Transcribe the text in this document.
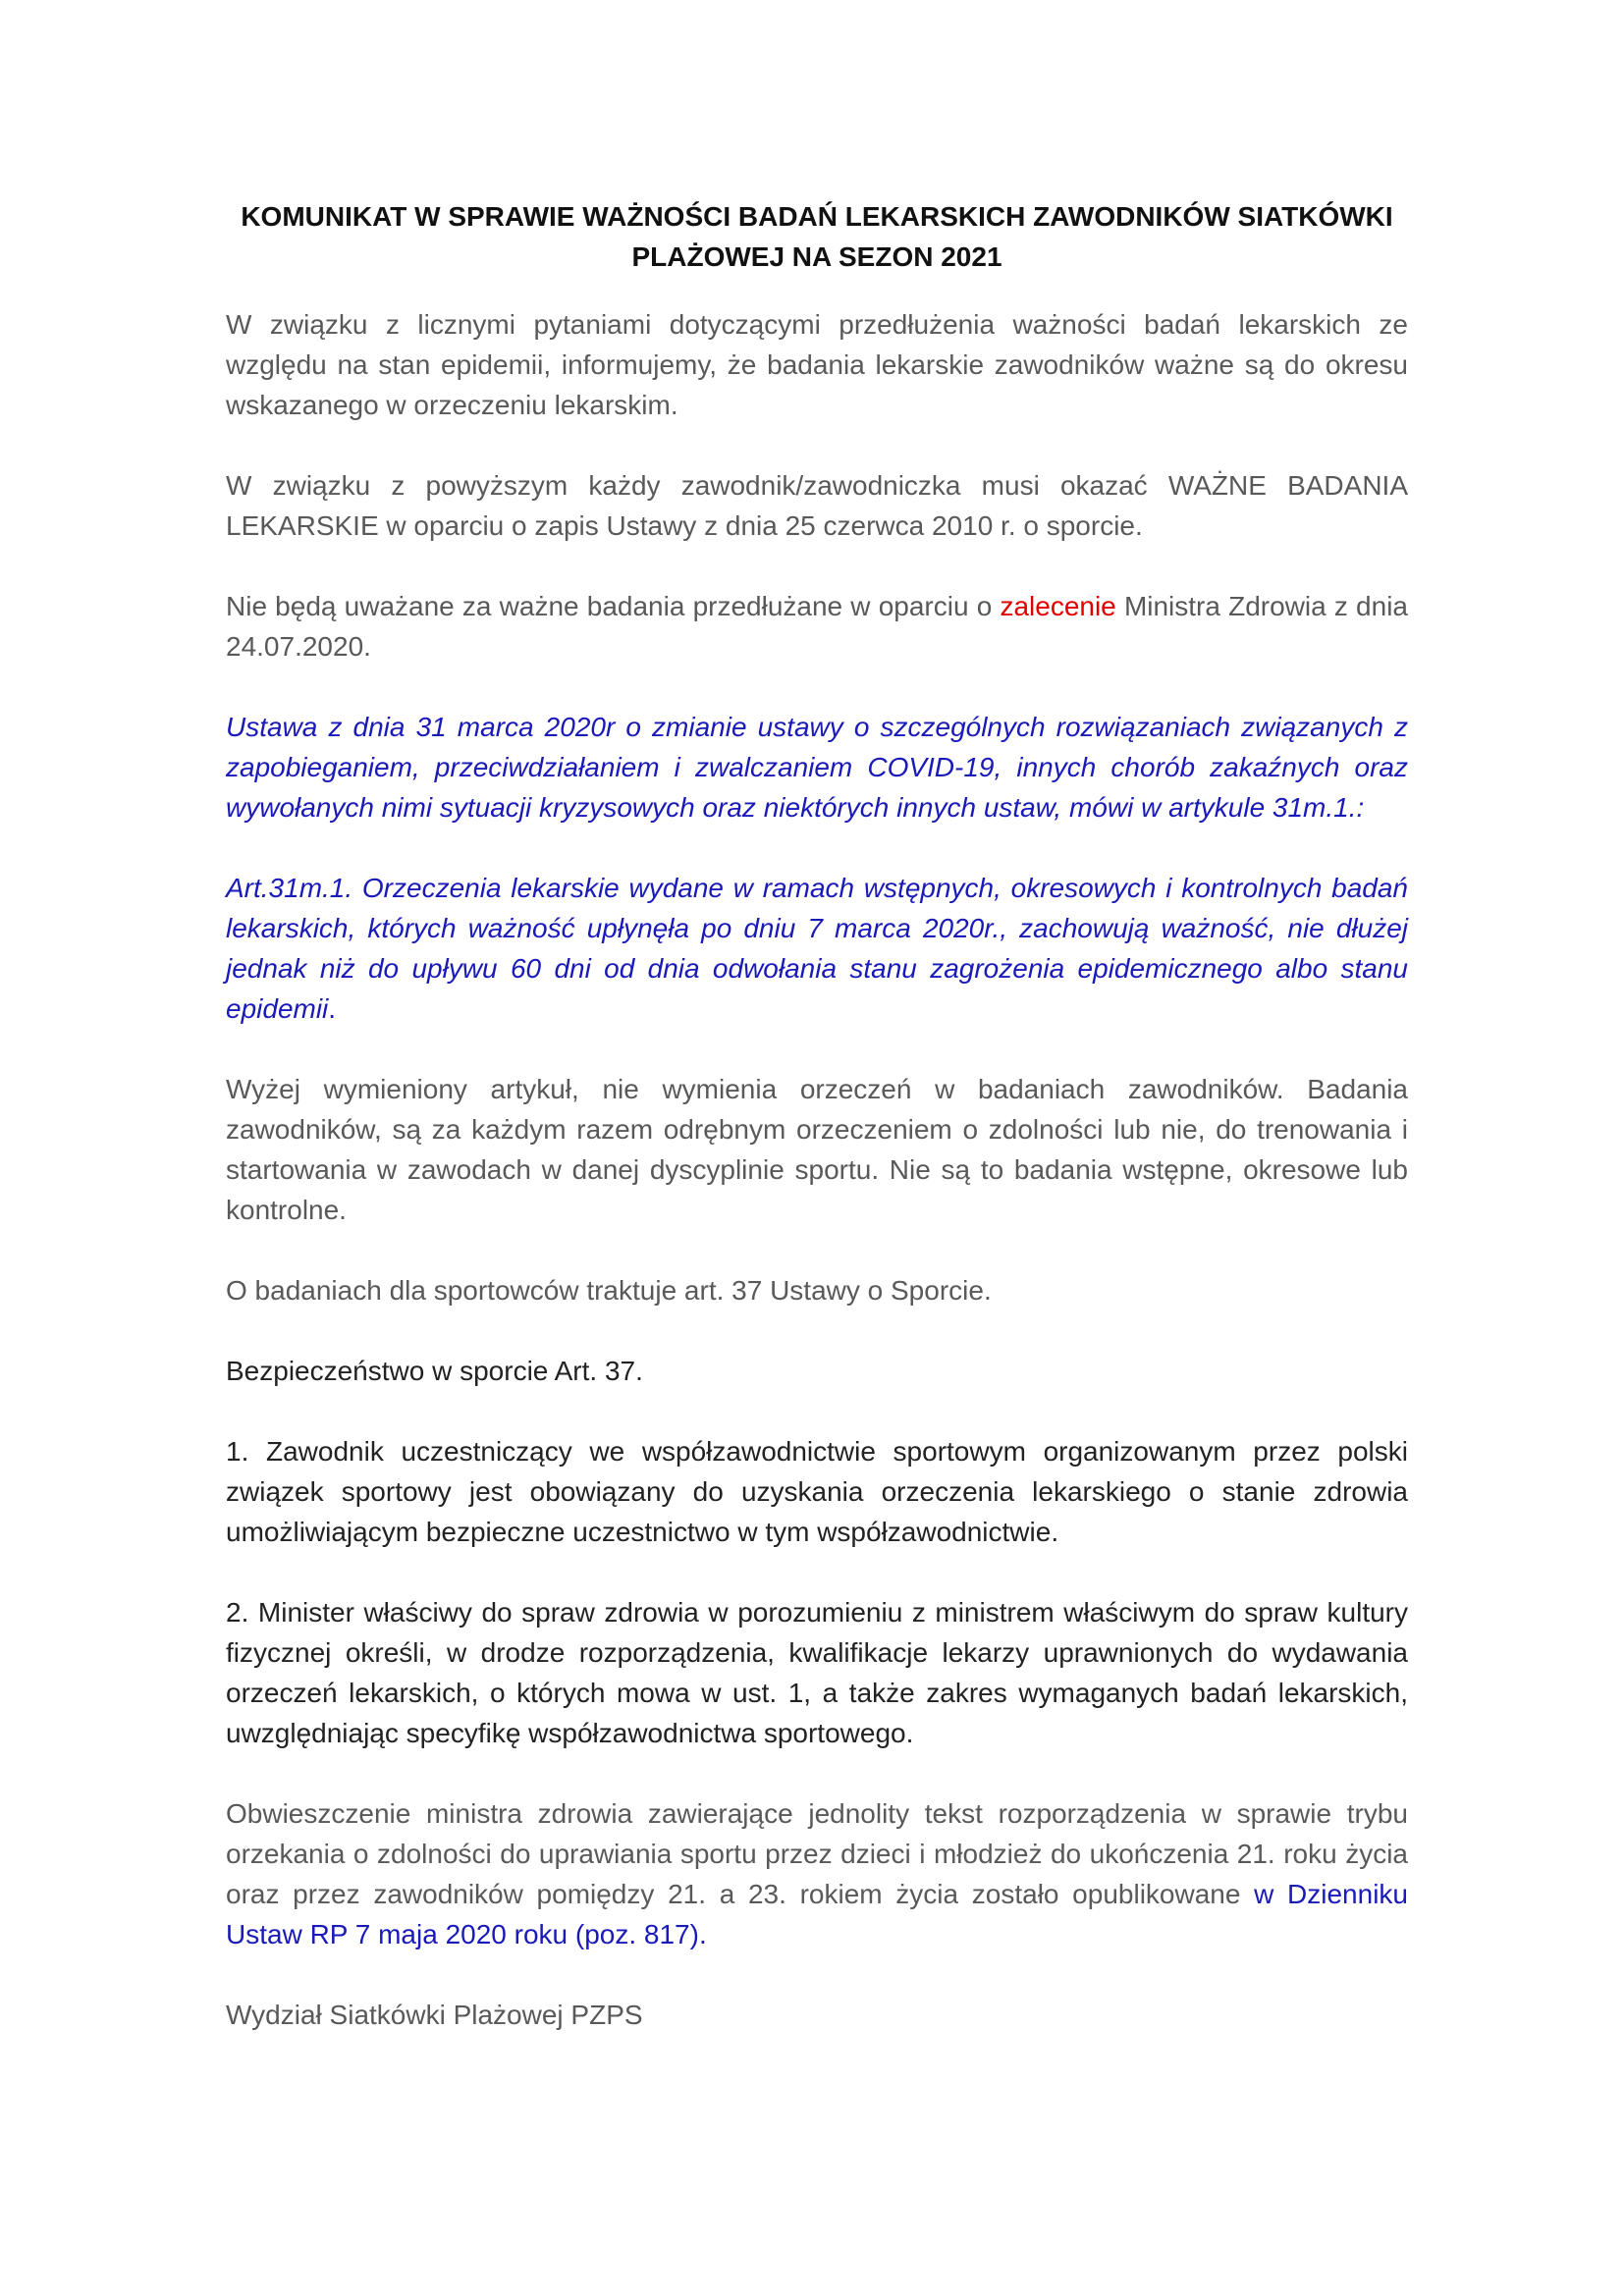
KOMUNIKAT W SPRAWIE WAŻNOŚCI BADAŃ LEKARSKICH ZAWODNIKÓW SIATKÓWKI
PLAŻOWEJ NA SEZON 2021
W związku z licznymi pytaniami dotyczącymi przedłużenia ważności badań lekarskich ze względu na stan epidemii, informujemy, że badania lekarskie zawodników ważne są do okresu wskazanego w orzeczeniu lekarskim.
W związku z powyższym każdy zawodnik/zawodniczka musi okazać WAŻNE BADANIA LEKARSKIE w oparciu o zapis Ustawy z dnia 25 czerwca 2010 r. o sporcie.
Nie będą uważane za ważne badania przedłużane w oparciu o zalecenie Ministra Zdrowia z dnia 24.07.2020.
Ustawa z dnia 31 marca 2020r o zmianie ustawy o szczególnych rozwiązaniach związanych z zapobieganiem, przeciwdziałaniem i zwalczaniem COVID-19, innych chorób zakaźnych oraz wywołanych nimi sytuacji kryzysowych oraz niektórych innych ustaw, mówi w artykule 31m.1.:
Art.31m.1. Orzeczenia lekarskie wydane w ramach wstępnych, okresowych i kontrolnych badań lekarskich, których ważność upłynęła po dniu 7 marca 2020r., zachowują ważność, nie dłużej jednak niż do upływu 60 dni od dnia odwołania stanu zagrożenia epidemicznego albo stanu epidemii.
Wyżej wymieniony artykuł, nie wymienia orzeczeń w badaniach zawodników. Badania zawodników, są za każdym razem odrębnym orzeczeniem o zdolności lub nie, do trenowania i startowania w zawodach w danej dyscyplinie sportu. Nie są to badania wstępne, okresowe lub kontrolne.
O badaniach dla sportowców traktuje art. 37 Ustawy o Sporcie.
Bezpieczeństwo w sporcie Art. 37.
1. Zawodnik uczestniczący we współzawodnictwie sportowym organizowanym przez polski związek sportowy jest obowiązany do uzyskania orzeczenia lekarskiego o stanie zdrowia umożliwiającym bezpieczne uczestnictwo w tym współzawodnictwie.
2. Minister właściwy do spraw zdrowia w porozumieniu z ministrem właściwym do spraw kultury fizycznej określi, w drodze rozporządzenia, kwalifikacje lekarzy uprawnionych do wydawania orzeczeń lekarskich, o których mowa w ust. 1, a także zakres wymaganych badań lekarskich, uwzględniając specyfikę współzawodnictwa sportowego.
Obwieszczenie ministra zdrowia zawierające jednolity tekst rozporządzenia w sprawie trybu orzekania o zdolności do uprawiania sportu przez dzieci i młodzież do ukończenia 21. roku życia oraz przez zawodników pomiędzy 21. a 23. rokiem życia zostało opublikowane w Dzienniku Ustaw RP 7 maja 2020 roku (poz. 817).
Wydział Siatkówki Plażowej PZPS
